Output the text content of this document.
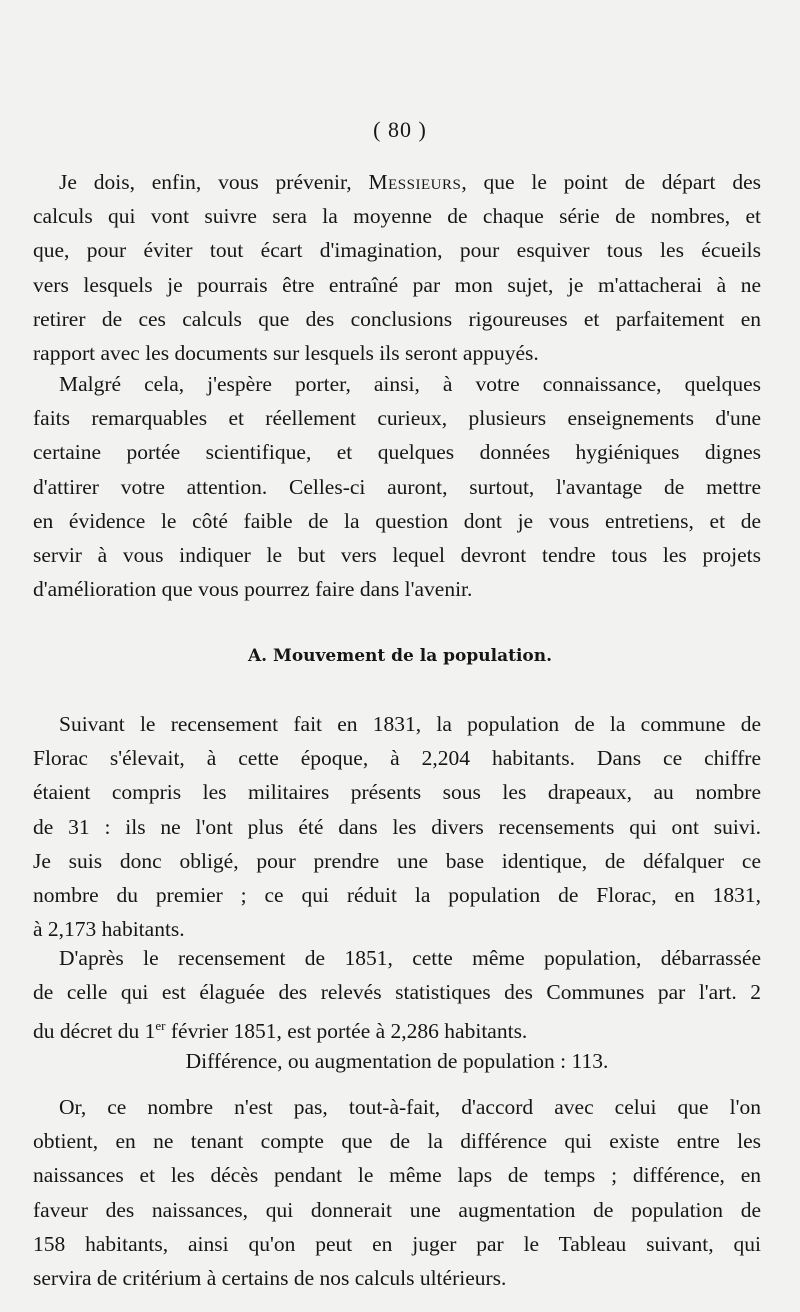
( 80 )
Je dois, enfin, vous prévenir, Messieurs, que le point de départ des
calculs qui vont suivre sera la moyenne de chaque série de nombres, et
que, pour éviter tout écart d'imagination, pour esquiver tous les écueils
vers lesquels je pourrais être entraîné par mon sujet, je m'attacherai à ne
retirer de ces calculs que des conclusions rigoureuses et parfaitement en
rapport avec les documents sur lesquels ils seront appuyés.
Malgré cela, j'espère porter, ainsi, à votre connaissance, quelques
faits remarquables et réellement curieux, plusieurs enseignements d'une
certaine portée scientifique, et quelques données hygiéniques dignes
d'attirer votre attention. Celles-ci auront, surtout, l'avantage de mettre
en évidence le côté faible de la question dont je vous entretiens, et de
servir à vous indiquer le but vers lequel devront tendre tous les projets
d'amélioration que vous pourrez faire dans l'avenir.
A. Mouvement de la population.
Suivant le recensement fait en 1831, la population de la commune de
Florac s'élevait, à cette époque, à 2,204 habitants. Dans ce chiffre
étaient compris les militaires présents sous les drapeaux, au nombre
de 31 : ils ne l'ont plus été dans les divers recensements qui ont suivi.
Je suis donc obligé, pour prendre une base identique, de défalquer ce
nombre du premier ; ce qui réduit la population de Florac, en 1831,
à 2,173 habitants.
D'après le recensement de 1851, cette même population, débarrassée
de celle qui est élaguée des relevés statistiques des Communes par l'art. 2
du décret du 1er février 1851, est portée à 2,286 habitants.
Différence, ou augmentation de population : 113.
Or, ce nombre n'est pas, tout-à-fait, d'accord avec celui que l'on
obtient, en ne tenant compte que de la différence qui existe entre les
naissances et les décès pendant le même laps de temps ; différence, en
faveur des naissances, qui donnerait une augmentation de population de
158 habitants, ainsi qu'on peut en juger par le Tableau suivant, qui
servira de critérium à certains de nos calculs ultérieurs.
